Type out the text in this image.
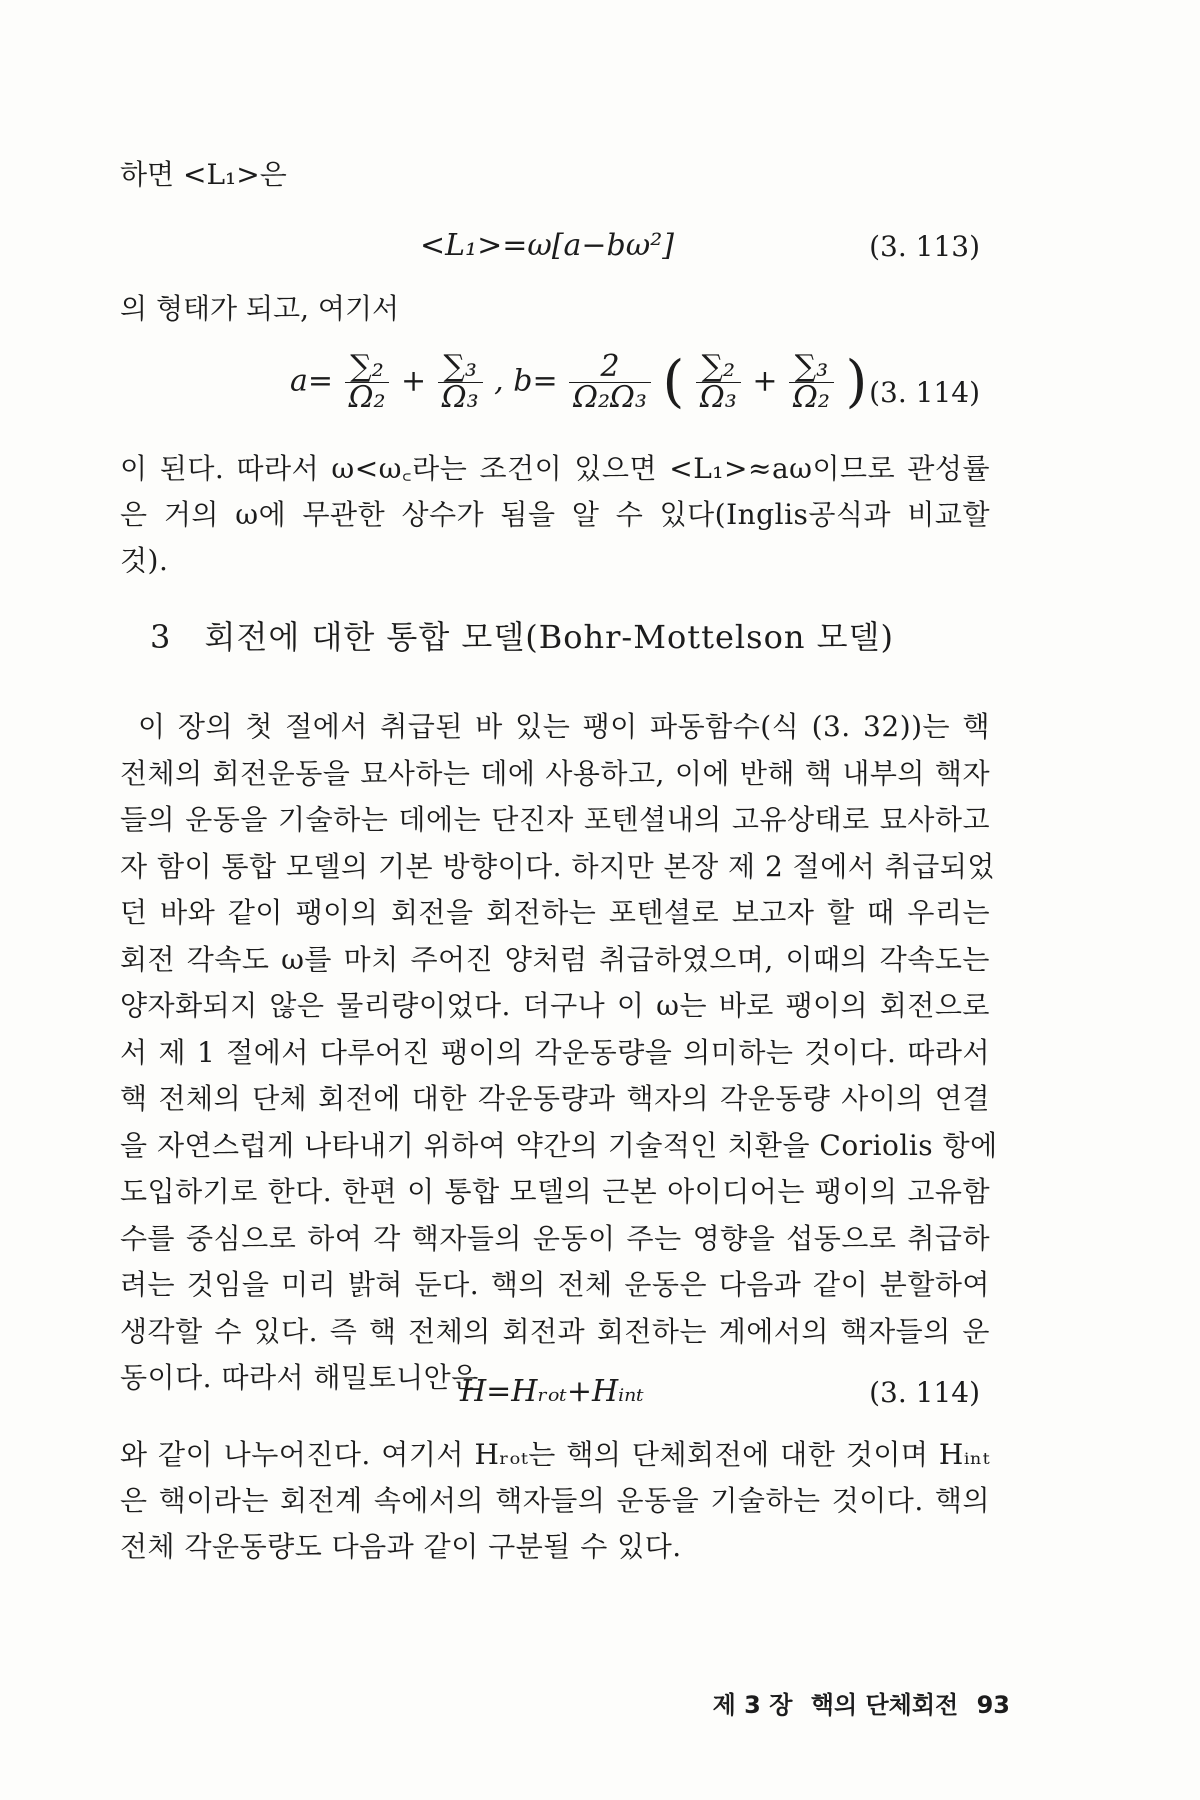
하면 <L₁>은
<L₁>=ω[a−bω²]	(3. 113)
의 형태가 되고, 여기서
$a= \frac{\text{∑₂}}{\text{Ω₂}} + \frac{\text{∑₃}}{\text{Ω₃}}$ , $b= \frac{2}{\text{Ω₂Ω₃}}$ ( $\frac{\text{∑₂}}{\text{Ω₃}} + \frac{\text{∑₃}}{\text{Ω₂}}$ ) (3. 114)

이 된다. 따라서 ω<ω꜀라는 조건이 있으면 <L₁>≈aω이므로 관성률

은 거의 ω에 무관한 상수가 됨을 알 수 있다(Inglis공식과 비교할

것).

3 회전에 대한 통합 모델(Bohr-Mottelson 모델)

이 장의 첫 절에서 취급된 바 있는 팽이 파동함수(식 (3. 32))는 핵

전체의 회전운동을 묘사하는 데에 사용하고, 이에 반해 핵 내부의 핵자

들의 운동을 기술하는 데에는 단진자 포텐셜내의 고유상태로 묘사하고

자 함이 통합 모델의 기본 방향이다. 하지만 본장 제 2 절에서 취급되었

던 바와 같이 팽이의 회전을 회전하는 포텐셜로 보고자 할 때 우리는

회전 각속도 ω를 마치 주어진 양처럼 취급하였으며, 이때의 각속도는

양자화되지 않은 물리량이었다. 더구나 이 ω는 바로 팽이의 회전으로

서 제 1 절에서 다루어진 팽이의 각운동량을 의미하는 것이다. 따라서

핵 전체의 단체 회전에 대한 각운동량과 핵자의 각운동량 사이의 연결

을 자연스럽게 나타내기 위하여 약간의 기술적인 치환을 Coriolis 항에

도입하기로 한다. 한편 이 통합 모델의 근본 아이디어는 팽이의 고유함

수를 중심으로 하여 각 핵자들의 운동이 주는 영향을 섭동으로 취급하

려는 것임을 미리 밝혀 둔다. 핵의 전체 운동은 다음과 같이 분할하여

생각할 수 있다. 즉 핵 전체의 회전과 회전하는 계에서의 핵자들의 운

동이다. 따라서 해밀토니안은

H=Hᵣₒₜ+Hᵢₙₜ	(3. 114)

와 같이 나누어진다. 여기서 Hᵣₒₜ는 핵의 단체회전에 대한 것이며 Hᵢₙₜ

은 핵이라는 회전계 속에서의 핵자들의 운동을 기술하는 것이다. 핵의

전체 각운동량도 다음과 같이 구분될 수 있다.

제 3 장 핵의 단체회전 93
